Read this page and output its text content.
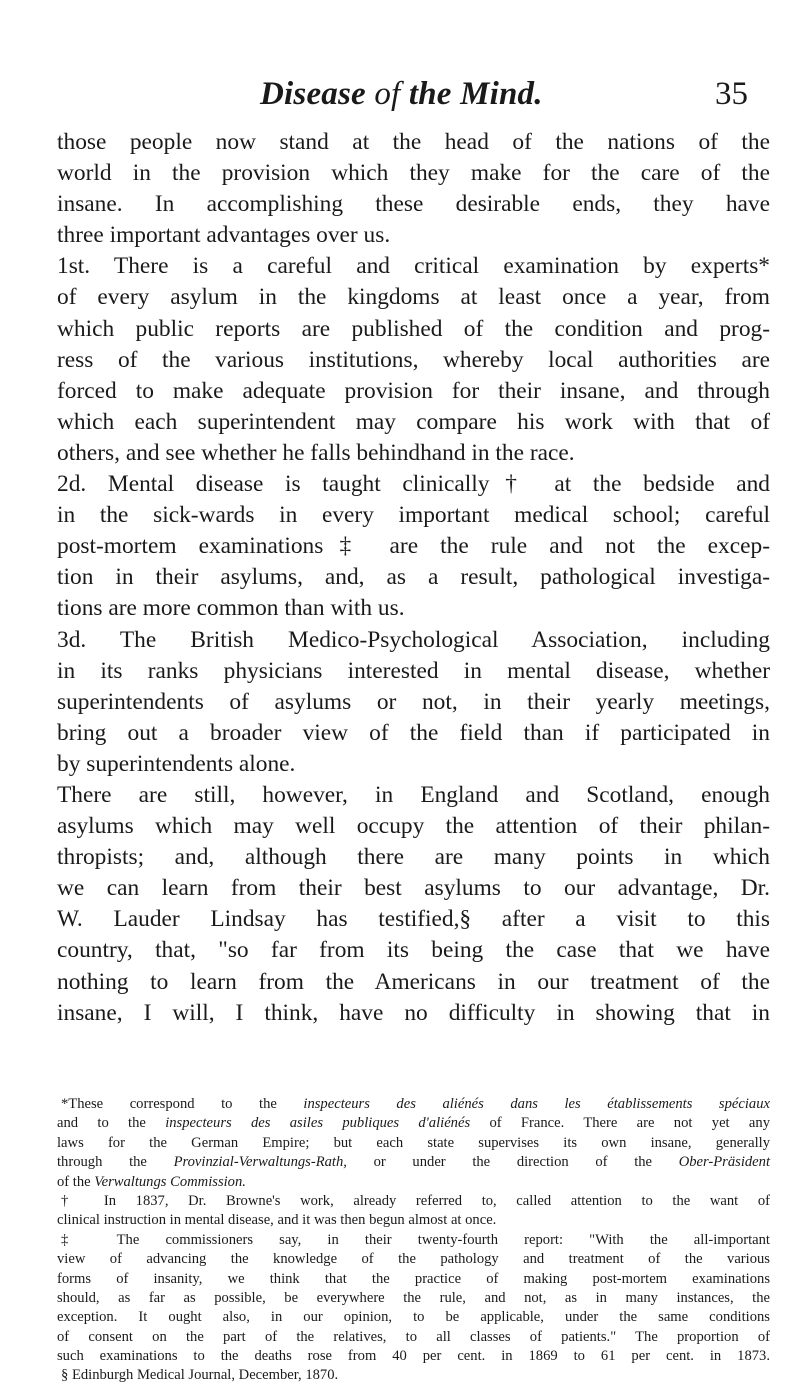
Disease of the Mind.	35
those people now stand at the head of the nations of the
world in the provision which they make for the care of the
insane. In accomplishing these desirable ends, they have
three important advantages over us.
1st. There is a careful and critical examination by experts*
of every asylum in the kingdoms at least once a year, from
which public reports are published of the condition and prog-
ress of the various institutions, whereby local authorities are
forced to make adequate provision for their insane, and through
which each superintendent may compare his work with that of
others, and see whether he falls behindhand in the race.
2d. Mental disease is taught clinically† at the bedside and
in the sick-wards in every important medical school; careful
post-mortem examinations‡ are the rule and not the excep-
tion in their asylums, and, as a result, pathological investiga-
tions are more common than with us.
3d. The British Medico-Psychological Association, including
in its ranks physicians interested in mental disease, whether
superintendents of asylums or not, in their yearly meetings,
bring out a broader view of the field than if participated in
by superintendents alone.
There are still, however, in England and Scotland, enough
asylums which may well occupy the attention of their philan-
thropists; and, although there are many points in which
we can learn from their best asylums to our advantage, Dr.
W. Lauder Lindsay has testified,§ after a visit to this
country, that, "so far from its being the case that we have
nothing to learn from the Americans in our treatment of the
insane, I will, I think, have no difficulty in showing that in
*These correspond to the inspecteurs des aliénés dans les établissements spéciaux
and to the inspecteurs des asiles publiques d'aliénés of France. There are not yet any
laws for the German Empire; but each state supervises its own insane, generally
through the Provinzial-Verwaltungs-Rath, or under the direction of the Ober-Präsident
of the Verwaltungs Commission.
† In 1837, Dr. Browne's work, already referred to, called attention to the want of
clinical instruction in mental disease, and it was then begun almost at once.
‡ The commissioners say, in their twenty-fourth report: "With the all-important
view of advancing the knowledge of the pathology and treatment of the various
forms of insanity, we think that the practice of making post-mortem examinations
should, as far as possible, be everywhere the rule, and not, as in many instances, the
exception. It ought also, in our opinion, to be applicable, under the same conditions
of consent on the part of the relatives, to all classes of patients." The proportion of
such examinations to the deaths rose from 40 per cent. in 1869 to 61 per cent. in 1873.
§ Edinburgh Medical Journal, December, 1870.
